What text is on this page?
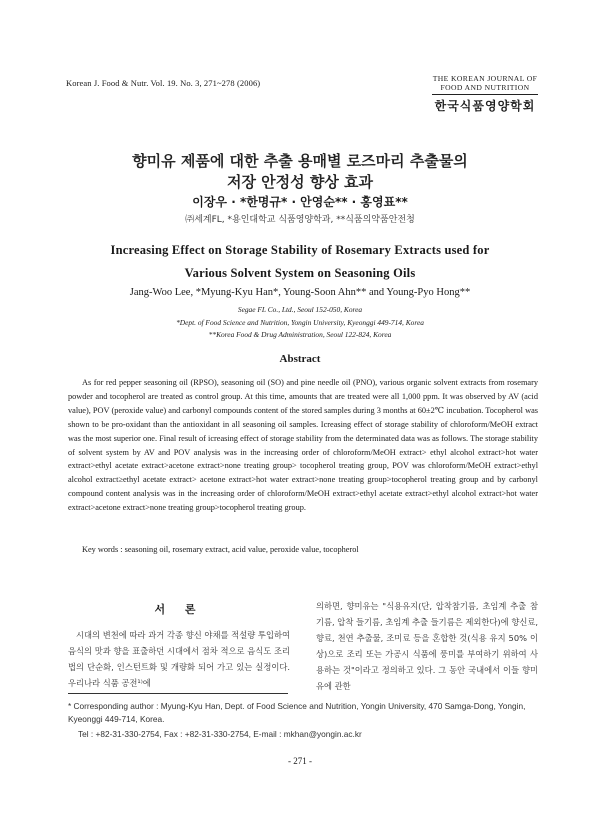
Korean J. Food & Nutr. Vol. 19. No. 3, 271~278 (2006)	THE KOREAN JOURNAL OF
FOOD AND NUTRITION
한국식품영양학회
향미유 제품에 대한 추출 용매별 로즈마리 추출물의
저장 안정성 향상 효과
이장우 · *한명규* · 안영순** · 홍영표**
㈜세계FL, *용인대학교 식품영양학과, **식품의약품안전청
Increasing Effect on Storage Stability of Rosemary Extracts used for
Various Solvent System on Seasoning Oils
Jang-Woo Lee, *Myung-Kyu Han*, Young-Soon Ahn** and Young-Pyo Hong**
Segae FL Co., Ltd., Seoul 152-050, Korea
*Dept. of Food Science and Nutrition, Yongin University, Kyeonggi 449-714, Korea
**Korea Food & Drug Administration, Seoul 122-824, Korea
Abstract

As for red pepper seasoning oil (RPSO), seasoning oil (SO) and pine needle oil (PNO), various organic solvent extracts from rosemary powder and tocopherol are treated as control group. At this time, amounts that are treated were all 1,000 ppm. It was observed by AV (acid value), POV (peroxide value) and carbonyl compounds content of the stored samples during 3 months at 60±2℃ incubation. Tocopherol was shown to be pro-oxidant than the antioxidant in all seasoning oil samples. Icreasing effect of storage stability of chloroform/MeOH extract was the most superior one. Final result of icreasing effect of storage stability from the determinated data was as follows. The storage stability of solvent system by AV and POV analysis was in the increasing order of chloroform/MeOH extract> ethyl alcohol extract>hot water extract>ethyl acetate extract>acetone extract>none treating group> tocopherol treating group, POV was chloroform/MeOH extract>ethyl alcohol extract≥ethyl acetate extract> acetone extract>hot water extract>none treating group>tocopherol treating group and by carbonyl compound content analysis was in the increasing order of chloroform/MeOH extract>ethyl acetate extract>ethyl alcohol extract>hot water extract>acetone extract>none treating group>tocopherol treating group.

Key words : seasoning oil, rosemary extract, acid value, peroxide value, tocopherol
서 론
시대의 변천에 따라 과거 각종 향신 야채를 적설량 투입하여 음식의 맛과 향을 표출하던 시대에서 점차 적으로 음식도 조리법의 단순화, 인스턴트화 및 개량화 되어 가고 있는 실정이다. 우리나라 식품 공전¹⁾에
의하면, 향미유는 "식용유지(단, 압착참기름, 초임계 추출 참기름, 압착 들기름, 초임계 추출 들기름은 제외한다)에 향신료, 향료, 천연 추출물, 조미료 등을 혼합한 것(식용 유지 50% 이상)으로 조리 또는 가공시 식품에 풍미를 부여하기 위하여 사용하는 것"이라고 정의하고 있다. 그 동안 국내에서 이들 향미유에 관한

* Corresponding author : Myung-Kyu Han, Dept. of Food Science and Nutrition, Yongin University, 470 Samga-Dong, Yongin, Kyeonggi 449-714, Korea.

Tel : +82-31-330-2754, Fax : +82-31-330-2754, E-mail : mkhan@yongin.ac.kr

- 271 -
